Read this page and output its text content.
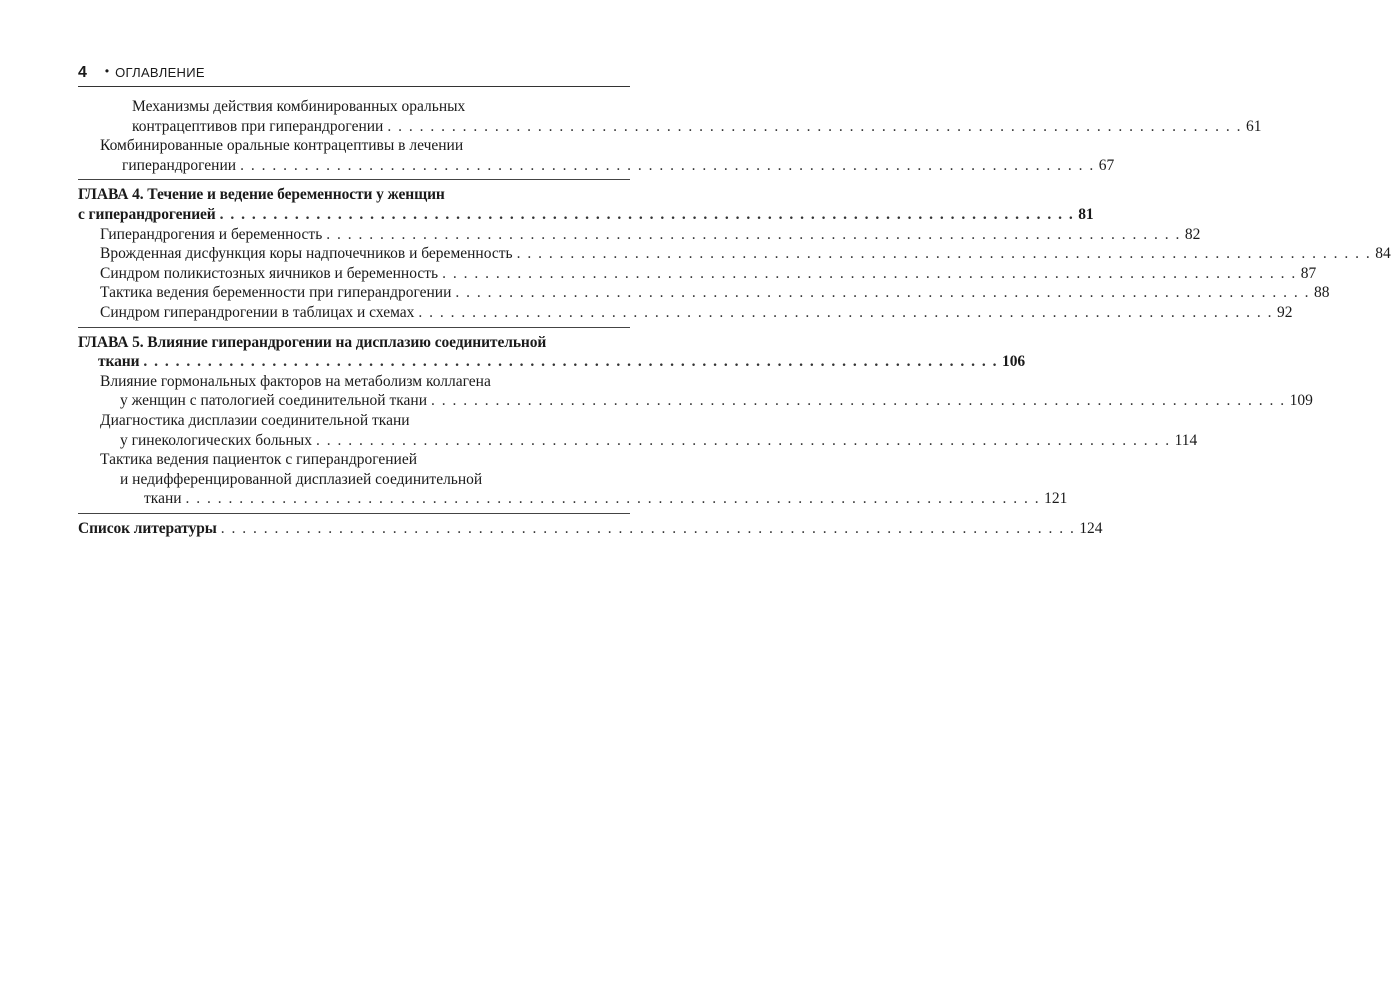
4 • ОГЛАВЛЕНИЕ
Механизмы действия комбинированных оральных
контрацептивов при гиперандрогении . . . . . . . . . . . . . . . . . . . . . . . . . . . . . . . . . . . . . . . . . . . . . . . . . . . . . . . . . . . . . . . . . . . . . . . . . . . . . . . . 61
Комбинированные оральные контрацептивы в лечении
гиперандрогении . . . . . . . . . . . . . . . . . . . . . . . . . . . . . . . . . . . . . . . . . . . . . . . . . . . . . . . . . . . . . . . . . . . . . . . . . . . . . . . . 67
ГЛАВА 4. Течение и ведение беременности у женщин
с гиперандрогенией . . . . . . . . . . . . . . . . . . . . . . . . . . . . . . . . . . . . . . . . . . . . . . . . . . . . . . . . . . . . . . . . . . . . . . . . . . . . . . . . 81
Гиперандрогения и беременность . . . . . . . . . . . . . . . . . . . . . . . . . . . . . . . . . . . . . . . . . . . . . . . . . . . . . . . . . . . . . . . . . . . . . . . . . . . . . . . . 82
Врожденная дисфункция коры надпочечников и беременность . . . . . . . . . . . . . . . . . . . . . . . . . . . . . . . . . . . . . . . . . . . . . . . . . . . . . . . . . . . . . . . . . . . . . . . . . . . . . . . . 84
Синдром поликистозных яичников и беременность . . . . . . . . . . . . . . . . . . . . . . . . . . . . . . . . . . . . . . . . . . . . . . . . . . . . . . . . . . . . . . . . . . . . . . . . . . . . . . . . 87
Тактика ведения беременности при гиперандрогении . . . . . . . . . . . . . . . . . . . . . . . . . . . . . . . . . . . . . . . . . . . . . . . . . . . . . . . . . . . . . . . . . . . . . . . . . . . . . . . . 88
Синдром гиперандрогении в таблицах и схемах . . . . . . . . . . . . . . . . . . . . . . . . . . . . . . . . . . . . . . . . . . . . . . . . . . . . . . . . . . . . . . . . . . . . . . . . . . . . . . . . 92
ГЛАВА 5. Влияние гиперандрогении на дисплазию соединительной
ткани . . . . . . . . . . . . . . . . . . . . . . . . . . . . . . . . . . . . . . . . . . . . . . . . . . . . . . . . . . . . . . . . . . . . . . . . . . . . . . . . 106
Влияние гормональных факторов на метаболизм коллагена
у женщин с патологией соединительной ткани . . . . . . . . . . . . . . . . . . . . . . . . . . . . . . . . . . . . . . . . . . . . . . . . . . . . . . . . . . . . . . . . . . . . . . . . . . . . . . . . 109
Диагностика дисплазии соединительной ткани
у гинекологических больных . . . . . . . . . . . . . . . . . . . . . . . . . . . . . . . . . . . . . . . . . . . . . . . . . . . . . . . . . . . . . . . . . . . . . . . . . . . . . . . . 114
Тактика ведения пациенток с гиперандрогенией
и недифференцированной дисплазией соединительной
ткани . . . . . . . . . . . . . . . . . . . . . . . . . . . . . . . . . . . . . . . . . . . . . . . . . . . . . . . . . . . . . . . . . . . . . . . . . . . . . . . . 121
Список литературы . . . . . . . . . . . . . . . . . . . . . . . . . . . . . . . . . . . . . . . . . . . . . . . . . . . . . . . . . . . . . . . . . . . . . . . . . . . . . . . . 124
